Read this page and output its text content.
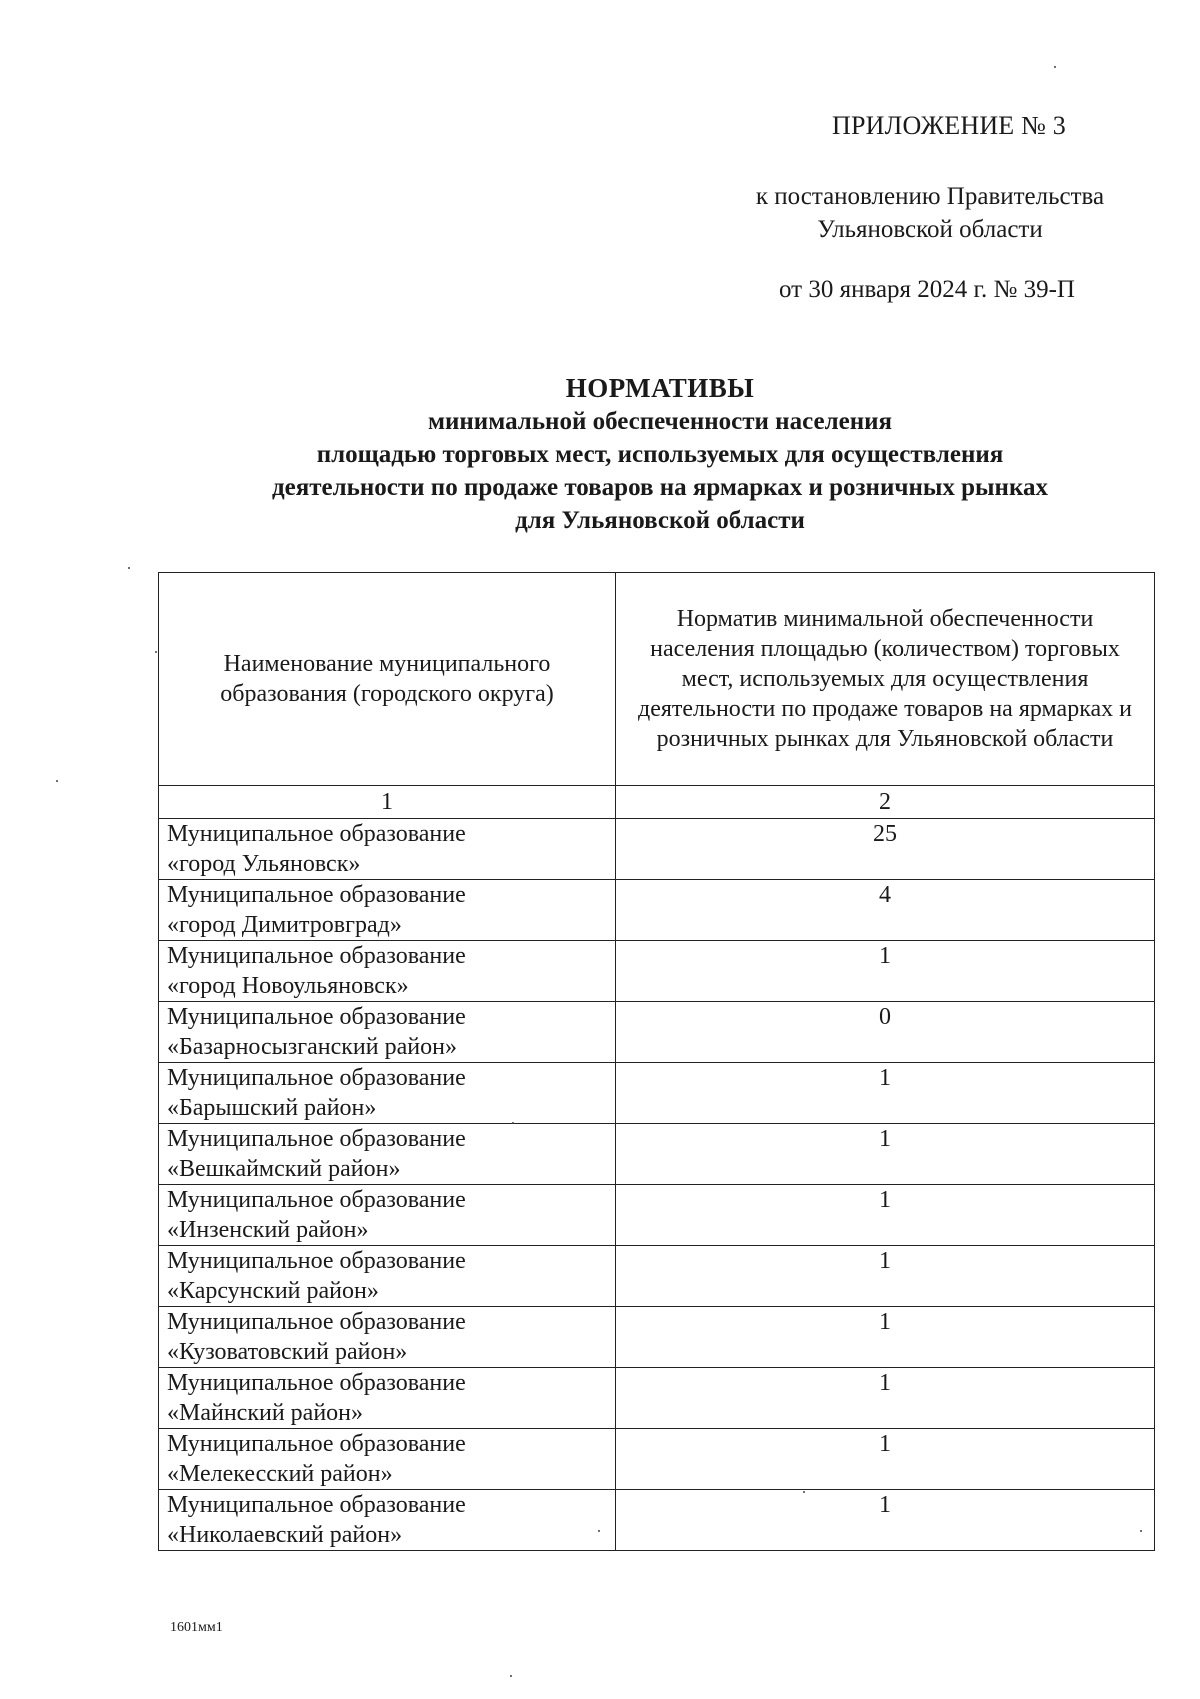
ПРИЛОЖЕНИЕ № 3
к постановлению Правительства
Ульяновской области
от 30 января 2024 г. № 39-П
НОРМАТИВЫ
минимальной обеспеченности населения
площадью торговых мест, используемых для осуществления
деятельности по продаже товаров на ярмарках и розничных рынках
для Ульяновской области
Наименование муниципального образования (городского округа)	Норматив минимальной обеспеченности населения площадью (количеством) торговых мест, используемых для осуществления деятельности по продаже товаров на ярмарках и розничных рынках для Ульяновской области
1	2

Муниципальное образование
«город Ульяновск»	25

Муниципальное образование
«город Димитровград»	4

Муниципальное образование
«город Новоульяновск»	1

Муниципальное образование
«Базарносызганский район»	0

Муниципальное образование
«Барышский район»	1

Муниципальное образование
«Вешкаймский район»	1

Муниципальное образование
«Инзенский район»	1

Муниципальное образование
«Карсунский район»	1

Муниципальное образование
«Кузоватовский район»	1

Муниципальное образование
«Майнский район»	1

Муниципальное образование
«Мелекесский район»	1

Муниципальное образование
«Николаевский район»	1
1601мм1
